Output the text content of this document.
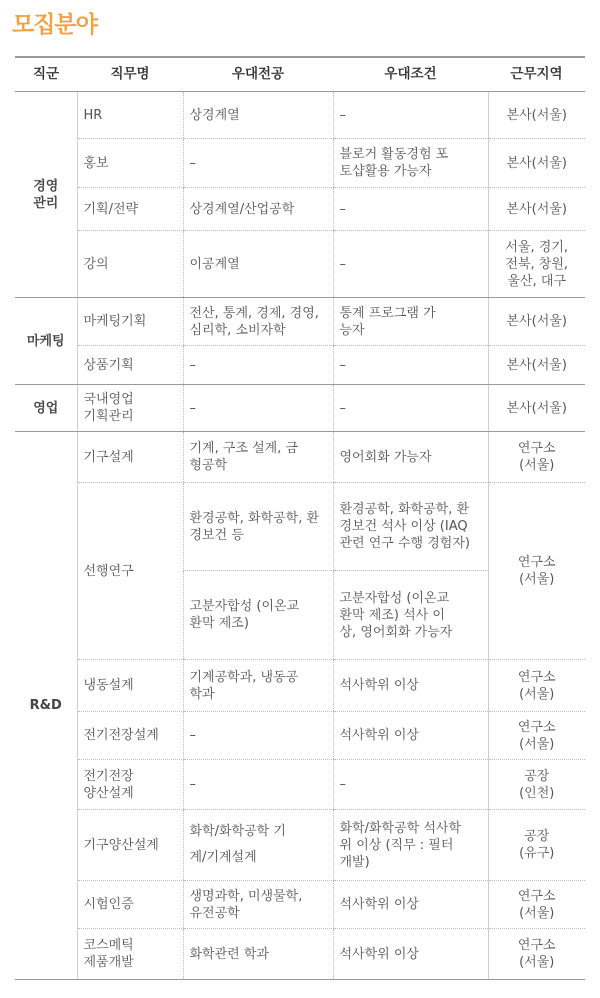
모집분야
직군	직무명	우대전공	우대조건	근무지역
경영 관리	HR	상경계열	–	본사(서울)
	홍보	–	블로거 활동경험 포토샵활용 가능자	본사(서울)
	기획/전략	상경계열/산업공학	–	본사(서울)
	강의	이공계열	–	서울, 경기, 전북, 창원, 울산, 대구
마케팅	마케팅기획	전산, 통계, 경제, 경영, 심리학, 소비자학	통계 프로그램 가능자	본사(서울)
	상품기획	–	–	본사(서울)
영업	국내영업 기획관리	–	–	본사(서울)
R&D	기구설계	기계, 구조 설계, 금형공학	영어회화 가능자	연구소 (서울)
	선행연구	환경공학, 화학공학, 환경보건 등	환경공학, 화학공학, 환경보건 석사 이상 (IAQ 관련 연구 수행 경험자)	연구소 (서울)
		고분자합성 (이온교환막 제조)	고분자합성 (이온교환막 제조) 석사 이상, 영어회화 가능자	
	냉동설계	기계공학과, 냉동공학과	석사학위 이상	연구소 (서울)
	전기전장설계	–	석사학위 이상	연구소 (서울)
	전기전장 양산설계	–	–	공장 (인천)
	기구양산설계	화학/화학공학 기계/기계설계	화학/화학공학 석사학위 이상 (직무 : 필터개발)	공장 (유구)
	시험인증	생명과학, 미생물학, 유전공학	석사학위 이상	연구소 (서울)
	코스메틱 제품개발	화학관련 학과	석사학위 이상	연구소 (서울)
